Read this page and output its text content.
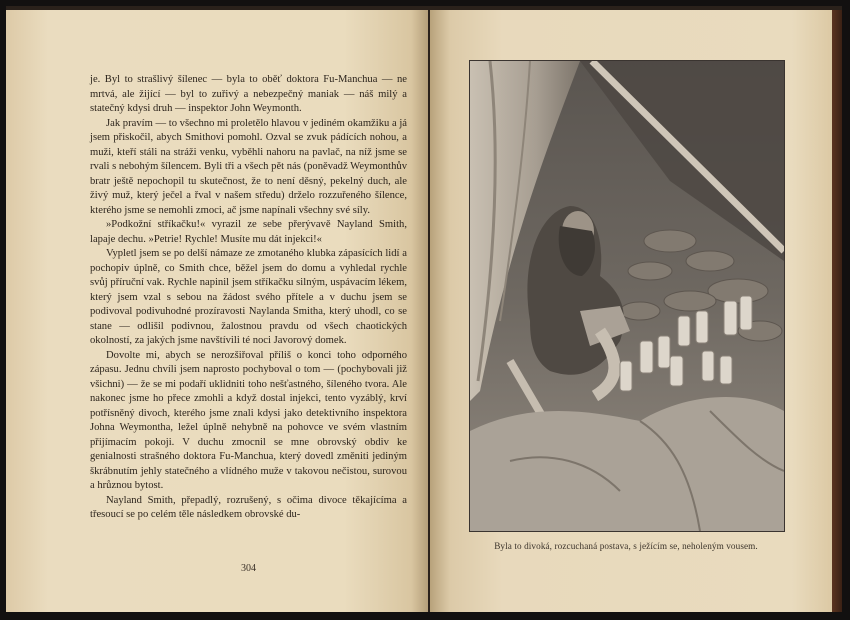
je. Byl to strašlivý šílenec — byla to oběť doktora Fu-Manchua — ne mrtvá, ale žijící — byl to zuřivý a nebezpečný maniak — náš milý a statečný kdysi druh — inspektor John Weymonth.

Jak pravím — to všechno mi proletělo hlavou v jediném okamžiku a já jsem přiskočil, abych Smithovi pomohl. Ozval se zvuk pádících nohou, a muži, kteří stáli na stráži venku, vyběhli nahoru na pavlač, na níž jsme se rvali s nebohým šílencem. Byli tři a všech pět nás (poněvadž Weymonthův bratr ještě nepochopil tu skutečnost, že to není děsný, pekelný duch, ale živý muž, který ječel a řval v našem středu) drželo rozzuřeného šílence, kterého jsme se nemohli zmoci, ač jsme napínali všechny své síly.

»Podkožní stříkačku!« vyrazil ze sebe přerývavě Nayland Smith, lapaje dechu. »Petrie! Rychle! Musíte mu dát injekci!«

Vypletl jsem se po delší námaze ze zmotaného klubka zápasících lidí a pochopiv úplně, co Smith chce, běžel jsem do domu a vyhledal rychle svůj příruční vak. Rychle napinil jsem stříkačku silným, uspávacím lékem, který jsem vzal s sebou na žádost svého přítele a v duchu jsem se podivoval podivuhodné prozíravosti Naylanda Smitha, který uhodl, co se stane — odlišil podivnou, žalostnou pravdu od všech chaotických okolností, za jakých jsme navštívili té noci Javorový domek.

Dovolte mi, abych se nerozšiřoval příliš o konci toho odporného zápasu. Jednu chvíli jsem naprosto pochyboval o tom — (pochybovali již všichni) — že se mi podaří uklidniti toho nešťastného, šíleného tvora. Ale nakonec jsme ho přece zmohli a když dostal injekci, tento vyzáblý, krví potřísněný divoch, kterého jsme znali kdysi jako detektivního inspektora Johna Weymontha, ležel úplně nehybně na pohovce ve svém vlastním přijímacím pokoji. V duchu zmocnil se mne obrovský obdiv ke genialnosti strašného doktora Fu-Manchua, který dovedl změniti jediným škrábnutím jehly statečného a vlídného muže v takovou nečistou, surovou a hrůznou bytost.

Nayland Smith, přepadlý, rozrušený, s očima divoce těkajícíma a třesoucí se po celém těle následkem obrovské du-

304
Byla to divoká, rozcuchaná postava, s ježícím se, neholeným vousem.
